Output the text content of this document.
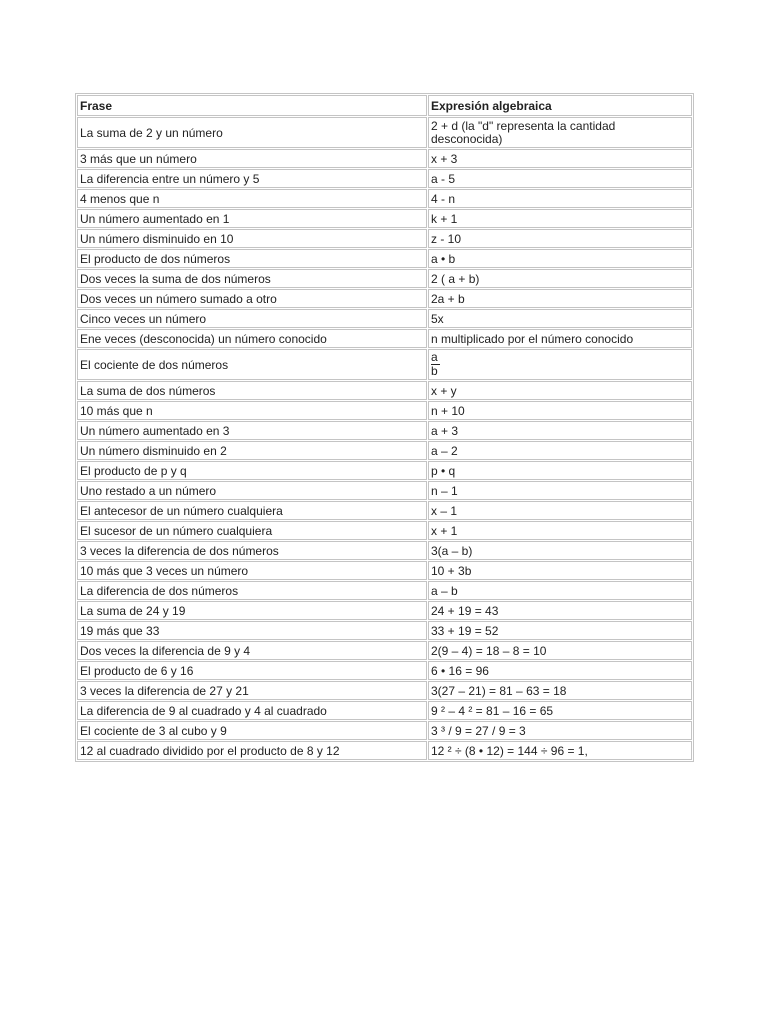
Frase	Expresión algebraica
La suma de 2 y un número	2 + d (la "d" representa la cantidad desconocida)
3 más que un número	x + 3
La diferencia entre un número y 5	a - 5
4 menos que n	4 - n
Un número aumentado en 1	k + 1
Un número disminuido en 10	z - 10
El producto de dos números	a • b
Dos veces la suma de dos números	2 ( a + b)
Dos veces un número sumado a otro	2a + b
Cinco veces un número	5x
Ene veces (desconocida) un número conocido	n multiplicado por el número conocido
El cociente de dos números	$\frac{a}{b}$

La suma de dos números	x + y
10 más que n	n + 10
Un número aumentado en 3	a + 3
Un número disminuido en 2	a – 2
El producto de p y q	p • q
Uno restado a un número	n – 1
El antecesor de un número cualquiera	x – 1
El sucesor de un número cualquiera	x + 1
3 veces la diferencia de dos números	3(a – b)
10 más que 3 veces un número	10 + 3b
La diferencia de dos números	a – b
La suma de 24 y 19	24 + 19 = 43
19 más que 33	33 + 19 = 52
Dos veces la diferencia de 9 y 4	2(9 – 4) = 18 – 8 = 10
El producto de 6 y 16	6 • 16 = 96
3 veces la diferencia de 27 y 21	3(27 – 21) = 81 – 63 = 18
La diferencia de 9 al cuadrado y 4 al cuadrado	9 ² – 4 ² = 81 – 16 = 65
El cociente de 3 al cubo y 9	3 ³ / 9 = 27 / 9 = 3
12 al cuadrado dividido por el producto de 8 y 12	12 ² ÷ (8 • 12) = 144 ÷ 96 = 1,
